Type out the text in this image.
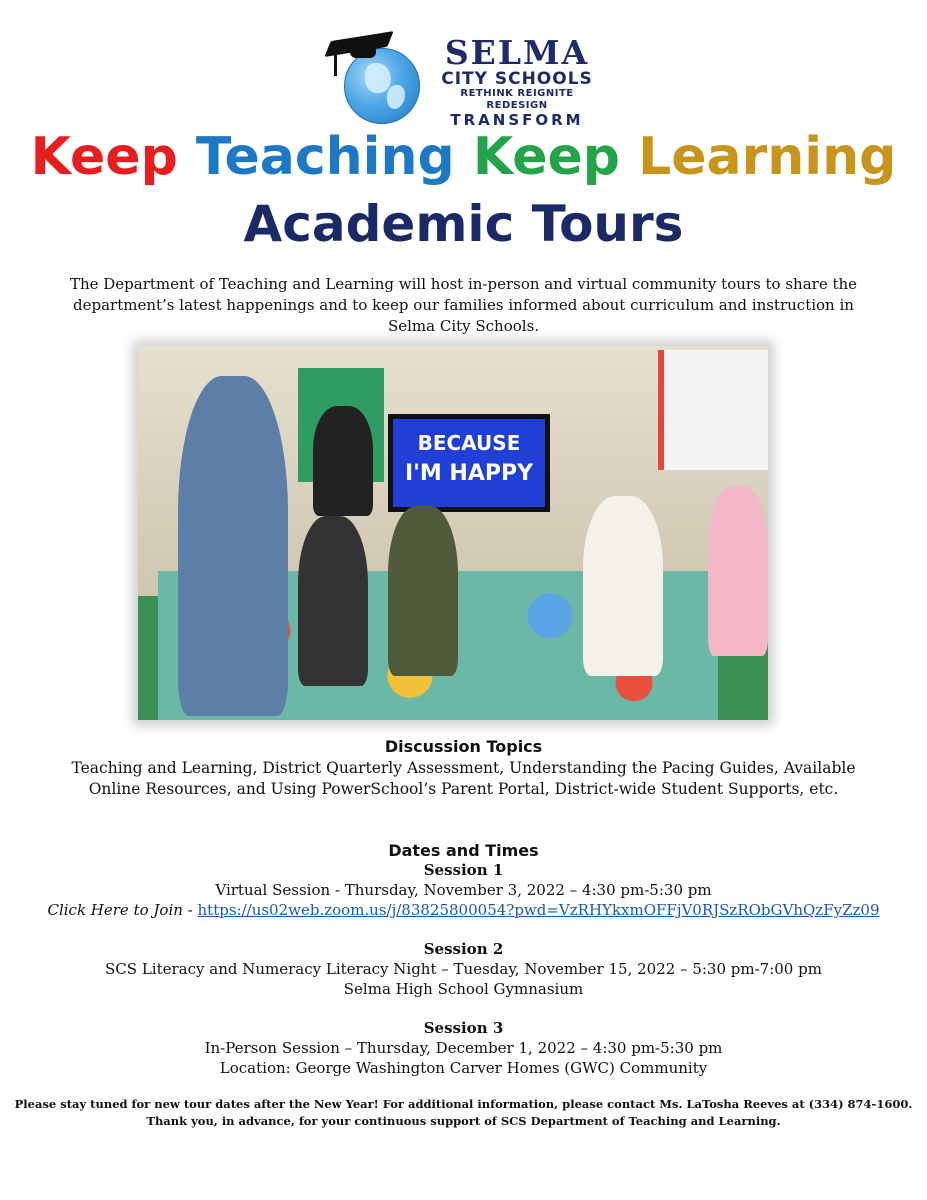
SELMA
CITY SCHOOLS
RETHINK REIGNITE REDESIGN
TRANSFORM
Keep Teaching Keep Learning
Academic Tours
The Department of Teaching and Learning will host in-person and virtual community tours to share the department’s latest happenings and to keep our families informed about curriculum and instruction in Selma City Schools.
BECAUSE
I'M HAPPY
Discussion Topics
Teaching and Learning, District Quarterly Assessment, Understanding the Pacing Guides, Available Online Resources, and Using PowerSchool’s Parent Portal, District-wide Student Supports, etc.
Dates and Times
Session 1
Virtual Session - Thursday, November 3, 2022 – 4:30 pm-5:30 pm
Click Here to Join - https://us02web.zoom.us/j/83825800054?pwd=VzRHYkxmOFFjV0RJSzRObGVhQzFyZz09
Session 2
SCS Literacy and Numeracy Literacy Night – Tuesday, November 15, 2022 – 5:30 pm-7:00 pm
Selma High School Gymnasium
Session 3
In-Person Session – Thursday, December 1, 2022 – 4:30 pm-5:30 pm
Location: George Washington Carver Homes (GWC) Community
Please stay tuned for new tour dates after the New Year! For additional information, please contact Ms. LaTosha Reeves at (334) 874-1600.
Thank you, in advance, for your continuous support of SCS Department of Teaching and Learning.
